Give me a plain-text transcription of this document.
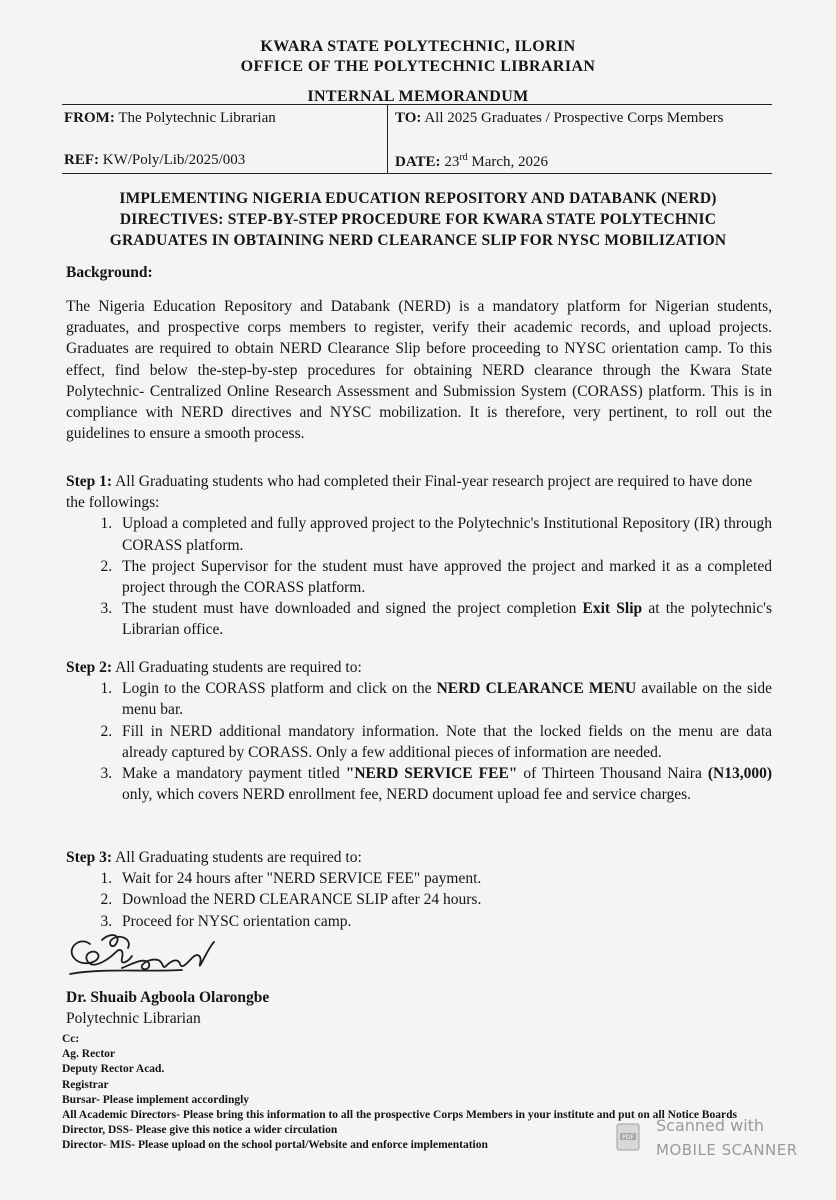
KWARA STATE POLYTECHNIC, ILORIN
OFFICE OF THE POLYTECHNIC LIBRARIAN
INTERNAL MEMORANDUM
FROM: The Polytechnic Librarian	TO: All 2025 Graduates / Prospective Corps Members
REF: KW/Poly/Lib/2025/003	DATE: 23rd March, 2026
IMPLEMENTING NIGERIA EDUCATION REPOSITORY AND DATABANK (NERD)
DIRECTIVES: STEP-BY-STEP PROCEDURE FOR KWARA STATE POLYTECHNIC
GRADUATES IN OBTAINING NERD CLEARANCE SLIP FOR NYSC MOBILIZATION
Background:
The Nigeria Education Repository and Databank (NERD) is a mandatory platform for Nigerian students, graduates, and prospective corps members to register, verify their academic records, and upload projects. Graduates are required to obtain NERD Clearance Slip before proceeding to NYSC orientation camp. To this effect, find below the-step-by-step procedures for obtaining NERD clearance through the Kwara State Polytechnic- Centralized Online Research Assessment and Submission System (CORASS) platform. This is in compliance with NERD directives and NYSC mobilization. It is therefore, very pertinent, to roll out the guidelines to ensure a smooth process.
Step 1: All Graduating students who had completed their Final-year research project are required to have done the followings:
1. Upload a completed and fully approved project to the Polytechnic's Institutional Repository (IR) through CORASS platform.
2. The project Supervisor for the student must have approved the project and marked it as a completed project through the CORASS platform.
3. The student must have downloaded and signed the project completion Exit Slip at the polytechnic's Librarian office.
Step 2: All Graduating students are required to:
1. Login to the CORASS platform and click on the NERD CLEARANCE MENU available on the side menu bar.
2. Fill in NERD additional mandatory information. Note that the locked fields on the menu are data already captured by CORASS. Only a few additional pieces of information are needed.
3. Make a mandatory payment titled "NERD SERVICE FEE" of Thirteen Thousand Naira (N13,000) only, which covers NERD enrollment fee, NERD document upload fee and service charges.
Step 3: All Graduating students are required to:
1. Wait for 24 hours after "NERD SERVICE FEE" payment.
2. Download the NERD CLEARANCE SLIP after 24 hours.
3. Proceed for NYSC orientation camp.
Dr. Shuaib Agboola Olarongbe
Polytechnic Librarian
Cc:
Ag. Rector
Deputy Rector Acad.
Registrar
Bursar- Please implement accordingly
All Academic Directors- Please bring this information to all the prospective Corps Members in your institute and put on all Notice Boards
Director, DSS- Please give this notice a wider circulation
Director- MIS- Please upload on the school portal/Website and enforce implementation
PDF
Scanned with
MOBILE SCANNER
